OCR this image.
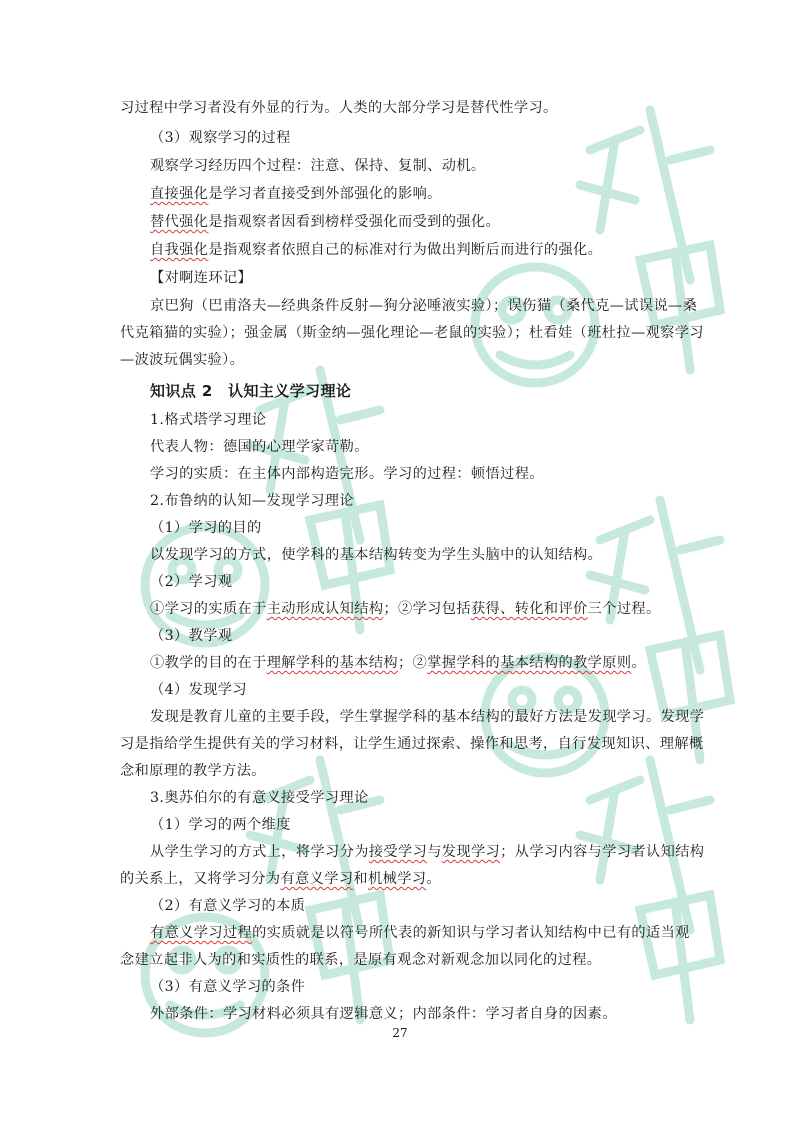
习过程中学习者没有外显的行为。人类的大部分学习是替代性学习。
（3）观察学习的过程
观察学习经历四个过程：注意、保持、复制、动机。
直接强化是学习者直接受到外部强化的影响。
替代强化是指观察者因看到榜样受强化而受到的强化。
自我强化是指观察者依照自己的标准对行为做出判断后而进行的强化。
【对啊连环记】
京巴狗（巴甫洛夫—经典条件反射—狗分泌唾液实验）；误伤猫（桑代克—试误说—桑
代克箱猫的实验）；强金属（斯金纳—强化理论—老鼠的实验）；杜看娃（班杜拉—观察学习
—波波玩偶实验）。
知识点 2　认知主义学习理论
1.格式塔学习理论
代表人物：德国的心理学家苛勒。
学习的实质：在主体内部构造完形。学习的过程：顿悟过程。
2.布鲁纳的认知—发现学习理论
（1）学习的目的
以发现学习的方式，使学科的基本结构转变为学生头脑中的认知结构。
（2）学习观
①学习的实质在于主动形成认知结构；②学习包括获得、转化和评价三个过程。
（3）教学观
①教学的目的在于理解学科的基本结构；②掌握学科的基本结构的教学原则。
（4）发现学习
发现是教育儿童的主要手段，学生掌握学科的基本结构的最好方法是发现学习。发现学
习是指给学生提供有关的学习材料，让学生通过探索、操作和思考，自行发现知识、理解概
念和原理的教学方法。
3.奥苏伯尔的有意义接受学习理论
（1）学习的两个维度
从学生学习的方式上，将学习分为接受学习与发现学习；从学习内容与学习者认知结构
的关系上，又将学习分为有意义学习和机械学习。
（2）有意义学习的本质
有意义学习过程的实质就是以符号所代表的新知识与学习者认知结构中已有的适当观
念建立起非人为的和实质性的联系，是原有观念对新观念加以同化的过程。
（3）有意义学习的条件
外部条件：学习材料必须具有逻辑意义；内部条件：学习者自身的因素。
27
